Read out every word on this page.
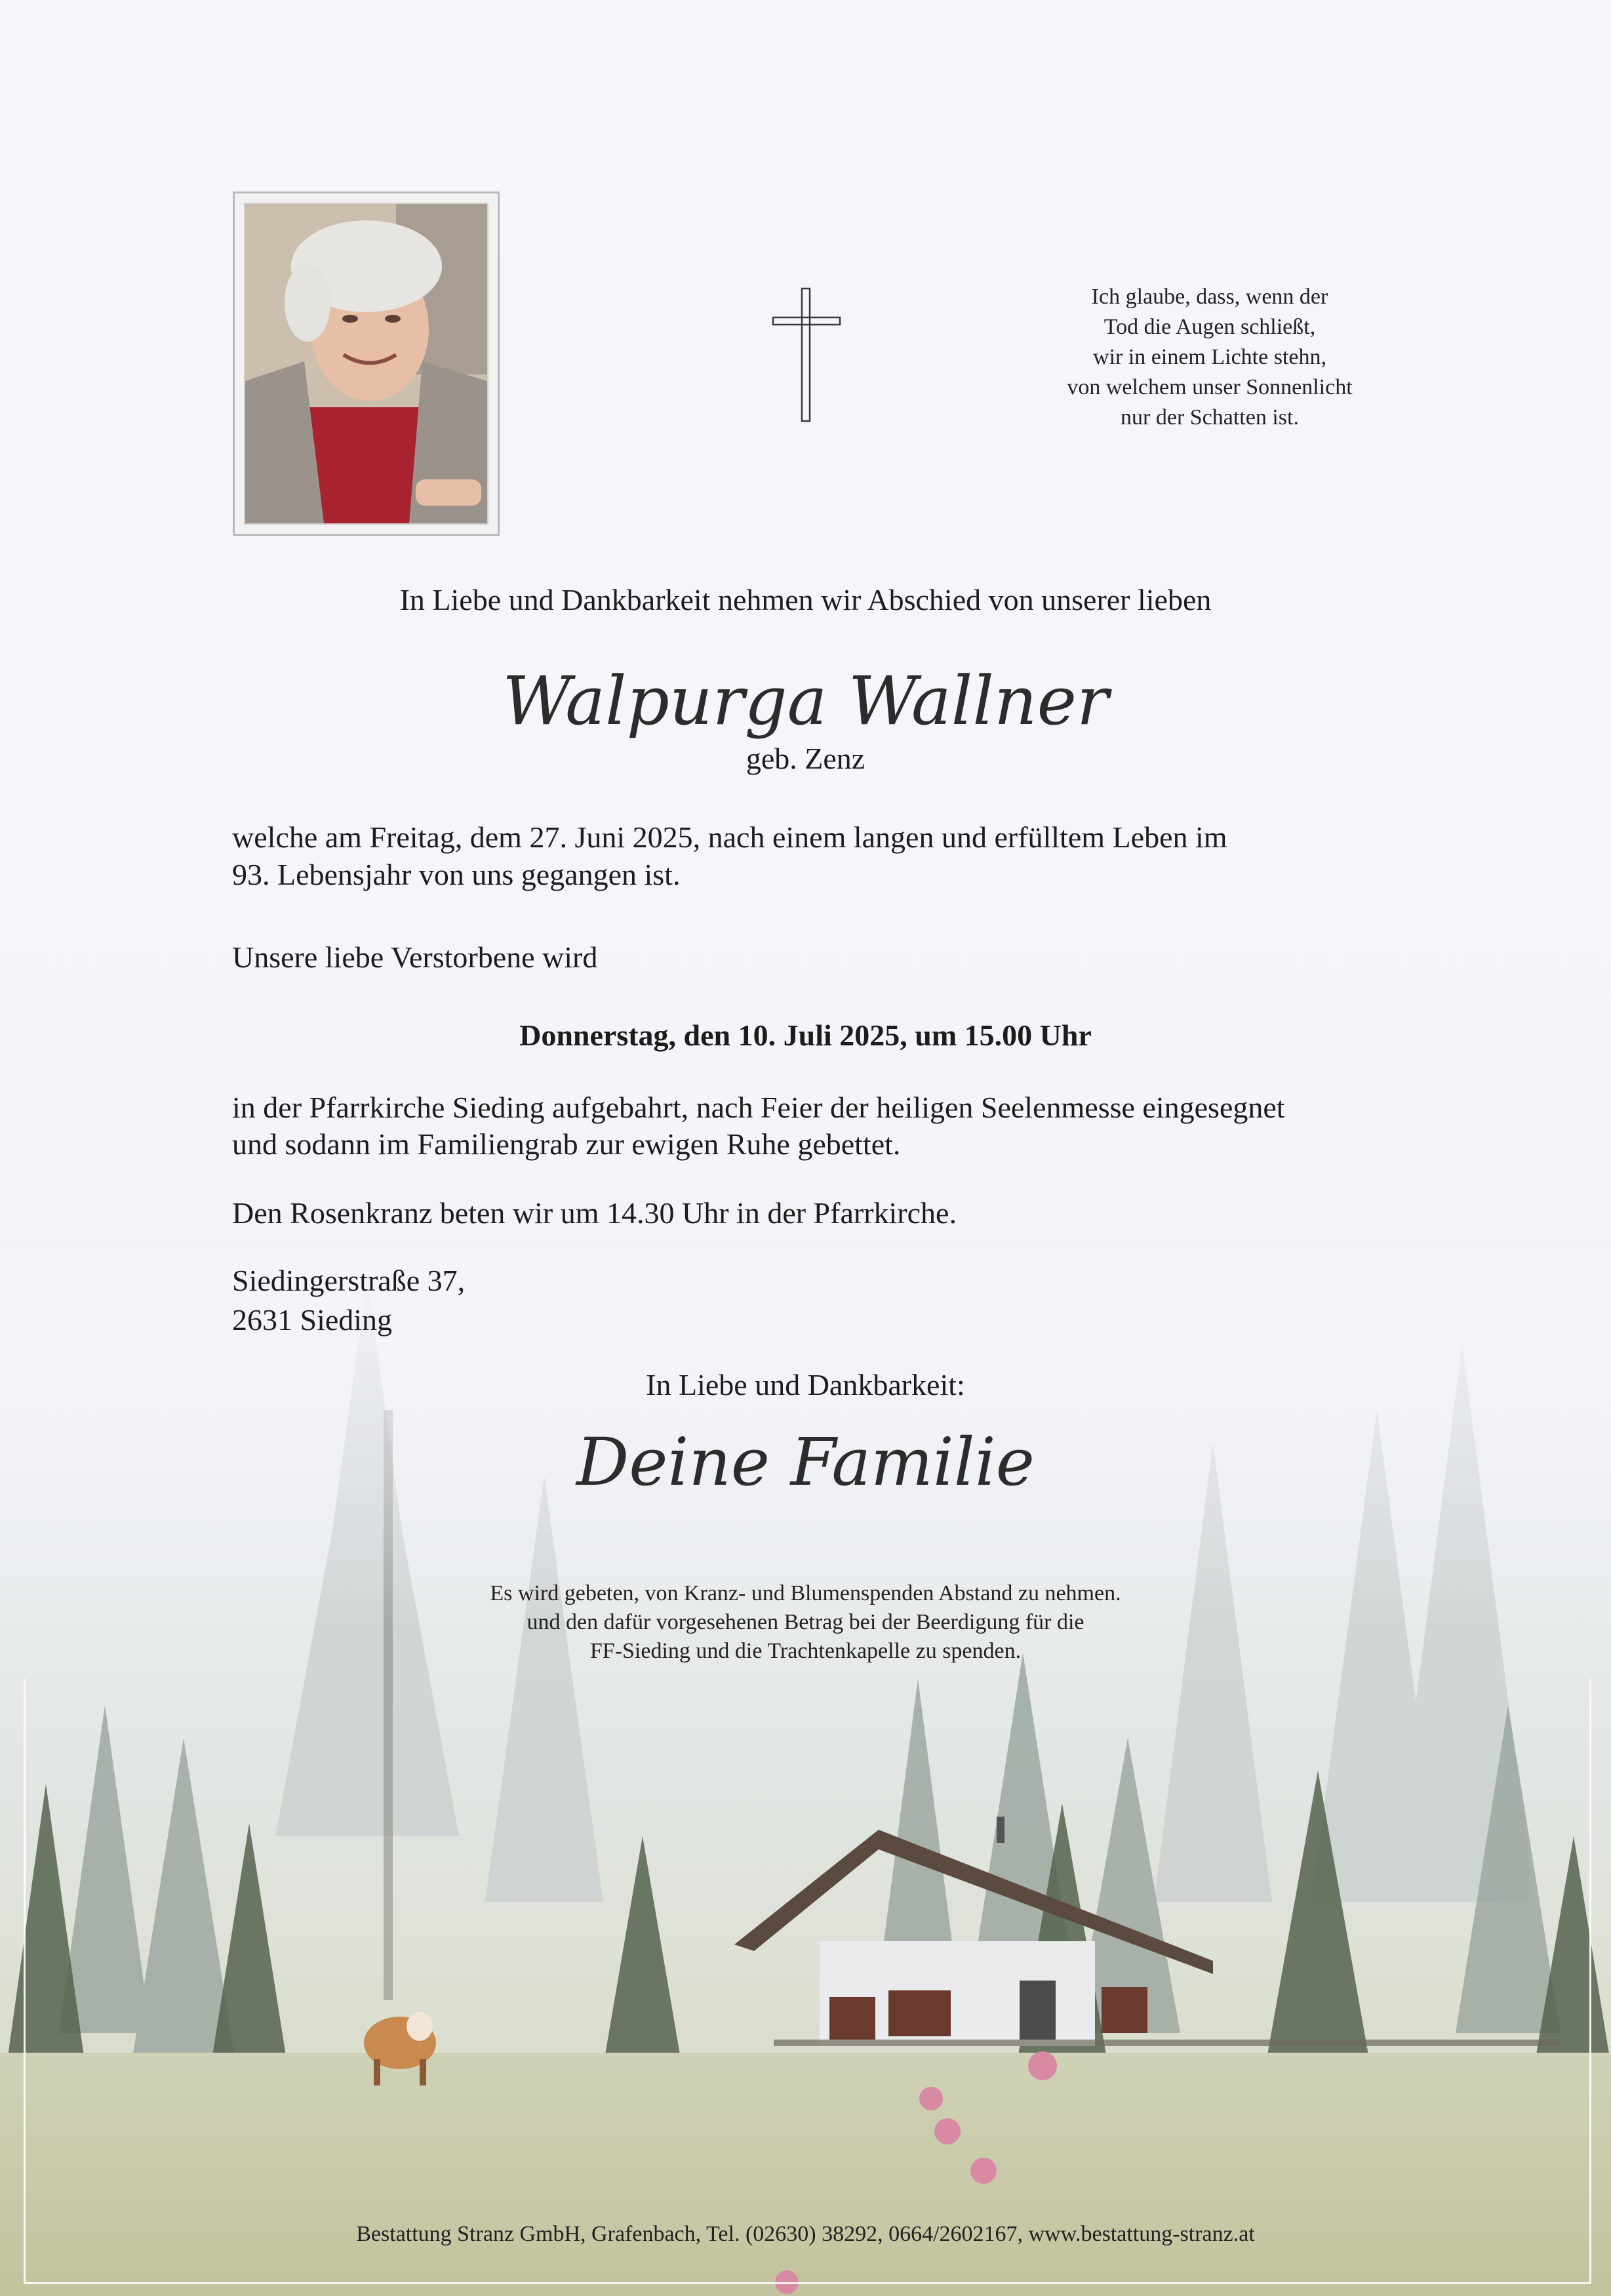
Ich glaube, dass, wenn der
Tod die Augen schließt,
wir in einem Lichte stehn,
von welchem unser Sonnenlicht
nur der Schatten ist.
In Liebe und Dankbarkeit nehmen wir Abschied von unserer lieben
Walpurga Wallner
geb. Zenz
welche am Freitag, dem 27. Juni 2025, nach einem langen und erfülltem Leben im
93. Lebensjahr von uns gegangen ist.
Unsere liebe Verstorbene wird
Donnerstag, den 10. Juli 2025, um 15.00 Uhr
in der Pfarrkirche Sieding aufgebahrt, nach Feier der heiligen Seelenmesse eingesegnet
und sodann im Familiengrab zur ewigen Ruhe gebettet.
Den Rosenkranz beten wir um 14.30 Uhr in der Pfarrkirche.
Siedingerstraße 37,
2631 Sieding
In Liebe und Dankbarkeit:
Deine Familie
Es wird gebeten, von Kranz- und Blumenspenden Abstand zu nehmen.
und den dafür vorgesehenen Betrag bei der Beerdigung für die
FF-Sieding und die Trachtenkapelle zu spenden.
Bestattung Stranz GmbH, Grafenbach, Tel. (02630) 38292, 0664/2602167, www.bestattung-stranz.at
